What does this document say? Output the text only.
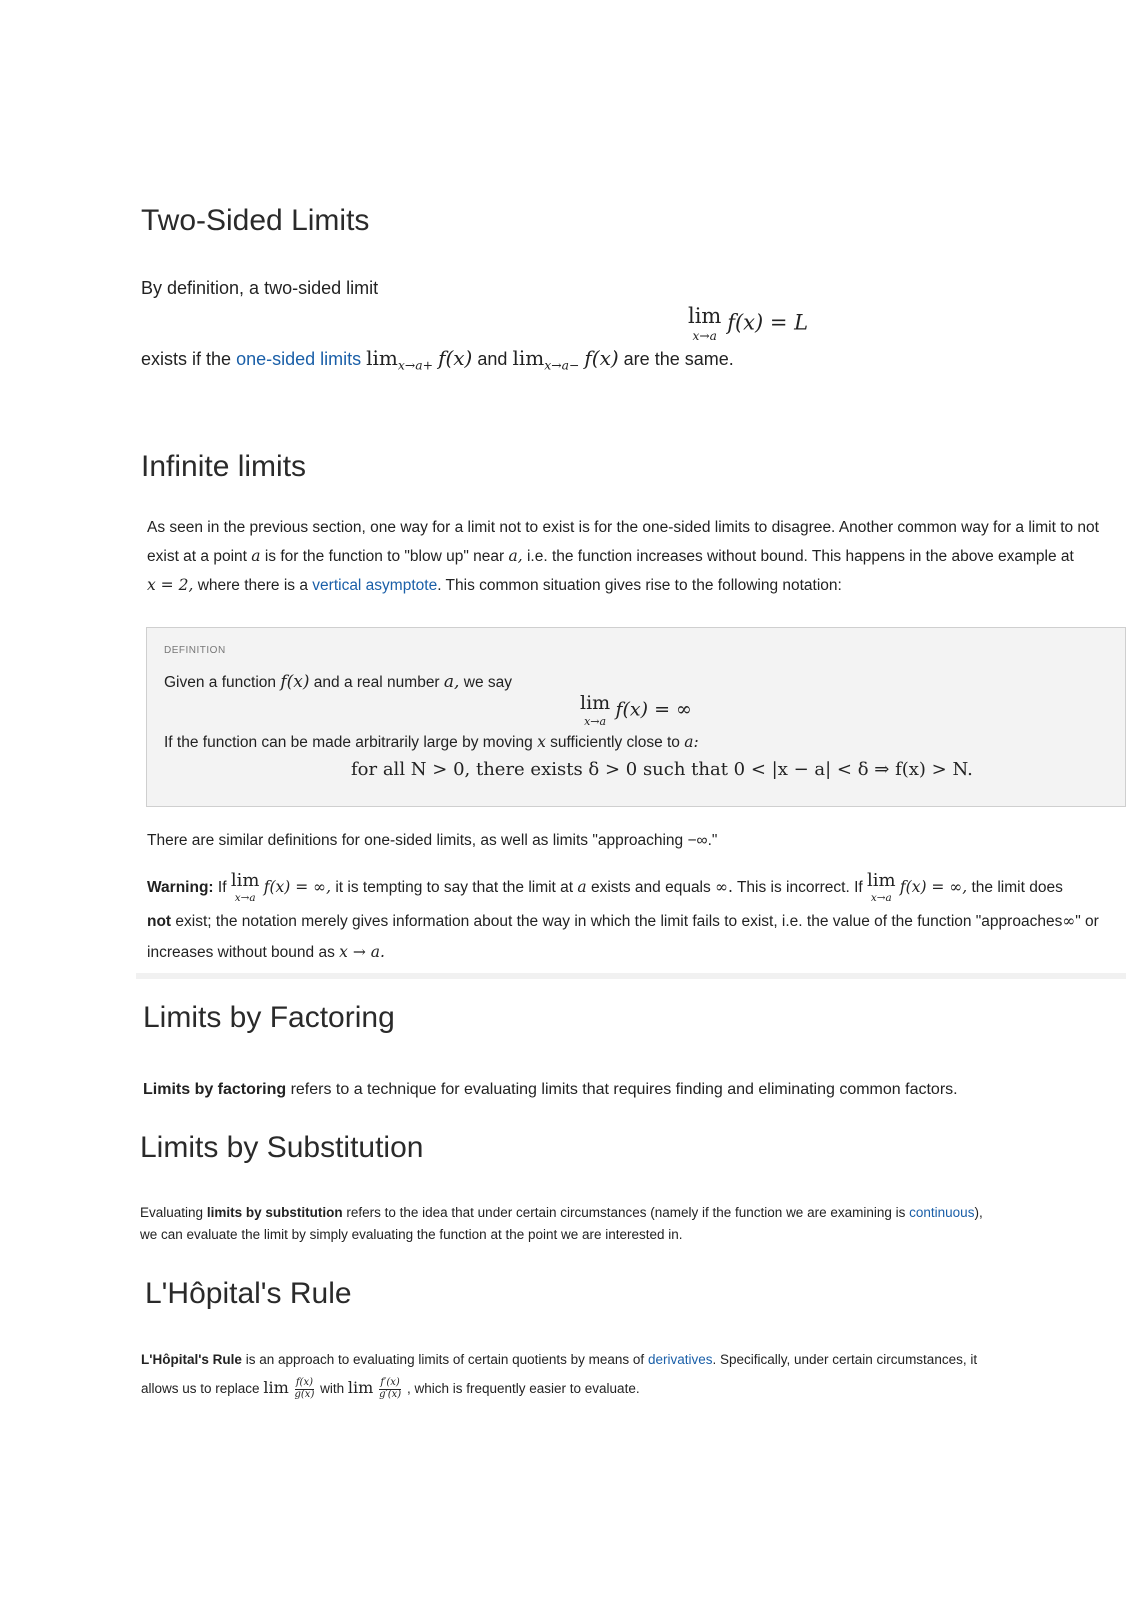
Two-Sided Limits

By definition, a two-sided limit

lim
x→a
f(x) = L

exists if the one-sided limits $\lim_{x\to a+} f(x)$ and $\lim_{x\to a-} f(x)$ are the same.

Infinite limits
As seen in the previous section, one way for a limit not to exist is for the one-sided limits to disagree. Another common way for a limit to not
exist at a point a is for the function to "blow up" near a, i.e. the function increases without bound. This happens in the above example at
x = 2, where there is a vertical asymptote. This common situation gives rise to the following notation:
DEFINITION
Given a function f(x) and a real number a, we say
lim
x→a
f(x) = ∞
If the function can be made arbitrarily large by moving x sufficiently close to a:
for all N > 0, there exists δ > 0 such that 0 < |x − a| < δ ⇒ f(x) > N.
There are similar definitions for one-sided limits, as well as limits "approaching −∞."
Warning: If lim
x→a
f(x) = ∞, it is tempting to say that the limit at a exists and equals ∞. This is incorrect. If lim
x→a
f(x) = ∞, the limit does
not exist; the notation merely gives information about the way in which the limit fails to exist, i.e. the value of the function "approaches∞" or
increases without bound as x → a.
Limits by Factoring

Limits by factoring refers to a technique for evaluating limits that requires finding and eliminating common factors.

Limits by Substitution
Evaluating limits by substitution refers to the idea that under certain circumstances (namely if the function we are examining is continuous),
we can evaluate the limit by simply evaluating the function at the point we are interested in.
L'Hôpital's Rule
L'Hôpital's Rule is an approach to evaluating limits of certain quotients by means of derivatives. Specifically, under certain circumstances, it
allows us to replace $\lim \frac{f(x)}{g(x)}$ with $\lim \frac{f'(x)}{g'(x)}$ , which is frequently easier to evaluate.
